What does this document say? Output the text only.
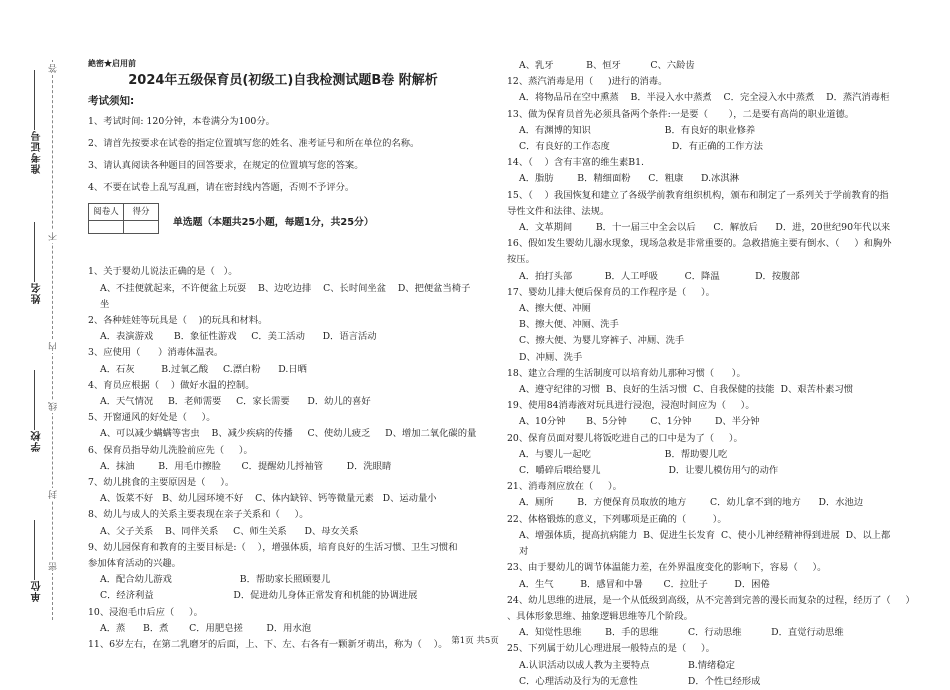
准考证号
姓名
学校
单位
答
不
内
线
封
密
絶密★启用前
2024年五级保育员(初级工)自我检测试题B卷 附解析
考试须知:
1、考试时间: 120分钟，本卷满分为100分。
2、请首先按要求在试卷的指定位置填写您的姓名、准考证号和所在单位的名称。
3、请认真阅读各种题目的回答要求，在规定的位置填写您的答案。
4、不要在试卷上乱写乱画，请在密封线内答题，否则不予评分。
阅卷人	得分

单选题（本题共25小题，每题1分，共25分）
1、关于婴幼儿说法正确的是（   ）。
A、不挂便就起来，不许便盆上玩耍    B、边吃边排    C、长时间坐盆    D、把便盆当椅子
坐
2、各种娃娃等玩具是（    )的玩具和材料。
A．表演游戏       B．象征性游戏     C．美工活动      D．语言活动
3、应使用（      ）消毒体温表。
A．石灰         B.过氧乙酸     C.漂白粉      D.日晒
4、育员应根据（    ）做好水温的控制。
A．天气情况     B．老师需要     C．家长需要      D．幼儿的喜好
5、开窗通风的好处是（     ）。
A、可以减少螨螨等害虫    B、减少疾病的传播     C、使幼儿疲乏     D、增加二氧化碳的量
6、保育员指导幼儿洗脸前应先（     ）。
A．抹油        B．用毛巾擦脸       C．提醒幼儿捋袖管        D．洗眼睛
7、幼儿挑食的主要原因是（     ）。
A、饭菜不好   B、幼儿园环境不好    C、体内缺锌、钙等微量元素   D、运动量小
8、幼儿与成人的关系主要表现在亲子关系和（     ）。
A、父子关系    B、同伴关系     C、师生关系      D、母女关系
9、幼儿园保育和教育的主要目标是:（    ），增强体质，培育良好的生活习惯、卫生习惯和
参加体育活动的兴趣。
A．配合幼儿游戏                       B．帮助家长照顾婴儿
C．经济利益                           D．促进幼儿身体正常发育和机能的协调进展
10、浸泡毛巾后应（     ）。
A．蒸      B．煮       C．用肥皂搓        D．用水泡
11、6岁左右，在第二乳磨牙的后面，上、下、左、右各有一颗新牙萌出，称为（    ）。
A、乳牙           B、恒牙          C、六龄齿
12、蒸汽消毒是用（     )进行的消毒。
A．将物品吊在空中熏蒸    B．半浸入水中蒸煮    C．完全浸入水中蒸煮    D．蒸汽消毒柜
13、做为保育员首先必须具备两个条件:一是要（       ），二是要有高尚的职业道德。
A．有渊博的知识                         B．有良好的职业修养
C．有良好的工作态度                     D．有正确的工作方法
14、（    ）含有丰富的维生素B1.
A．脂肪        B．精细面粉      C．粗康      D.冰淇淋
15、（    ）我国恢复和建立了各级学前教育组织机构，颁布和制定了一系列关于学前教育的指
导性文件和法律、法规。
A．文革期间        B．十一届三中全会以后      C．解放后      D．进，20世纪90年代以来
16、假如发生婴幼儿溺水现象，现场急救是非常重要的。急救措施主要有倒水、（     ）和胸外
按压。
A．拍打头部           B．人工呼吸         C．降温            D．按腹部
17、婴幼儿排大便后保育员的工作程序是（     ）。
A、擦大便、冲厕
B、擦大便、冲厕、洗手
C、擦大便、为婴儿穿裤子、冲厕、洗手
D、冲厕、洗手
18、建立合理的生活制度可以培育幼儿那种习惯（      ）。
A、遵守纪律的习惯  B、良好的生活习惯  C、自我保健的技能  D、艰苦朴素习惯
19、使用84消毒液对玩具进行浸泡，浸泡时间应为（     ）。
A、10分钟       B、5分钟        C、1分钟        D、半分钟
20、保育员面对婴儿将饭吃进自己的口中是为了（     ）。
A．与婴儿一起吃                         B．帮助婴儿吃
C．嚼碎后喂给婴儿                       D．让婴儿模仿用勺的动作
21、消毒剂应放在（     ）。
A．厕所        B．方便保育员取放的地方        C．幼儿拿不到的地方      D．水池边
22、体格锻炼的意义，下列哪项是正确的（         ）。
A、增强体质，提高抗病能力  B、促进生长发育  C、使小儿神经精神得到进展  D、以上都
对
23、由于婴幼儿的调节体温能力差，在外界温度变化的影响下，容易（     ）。
A．生气         B．感冒和中暑       C．拉肚子         D．困倦
24、幼儿思维的进展，是一个从低级到高级，从不完善到完善的漫长而复杂的过程，经历了（     ）
、具体形象思维、抽象逻辑思维等几个阶段。
A．知觉性思维        B．手的思维          C．行动思维          D．直觉行动思维
25、下列属于幼儿心理进展一般特点的是（     ）。
A.认识活动以成人教为主要特点             B.情绪稳定
C．心理活动及行为的无意性                 D．个性已经形成
第1页 共5页
